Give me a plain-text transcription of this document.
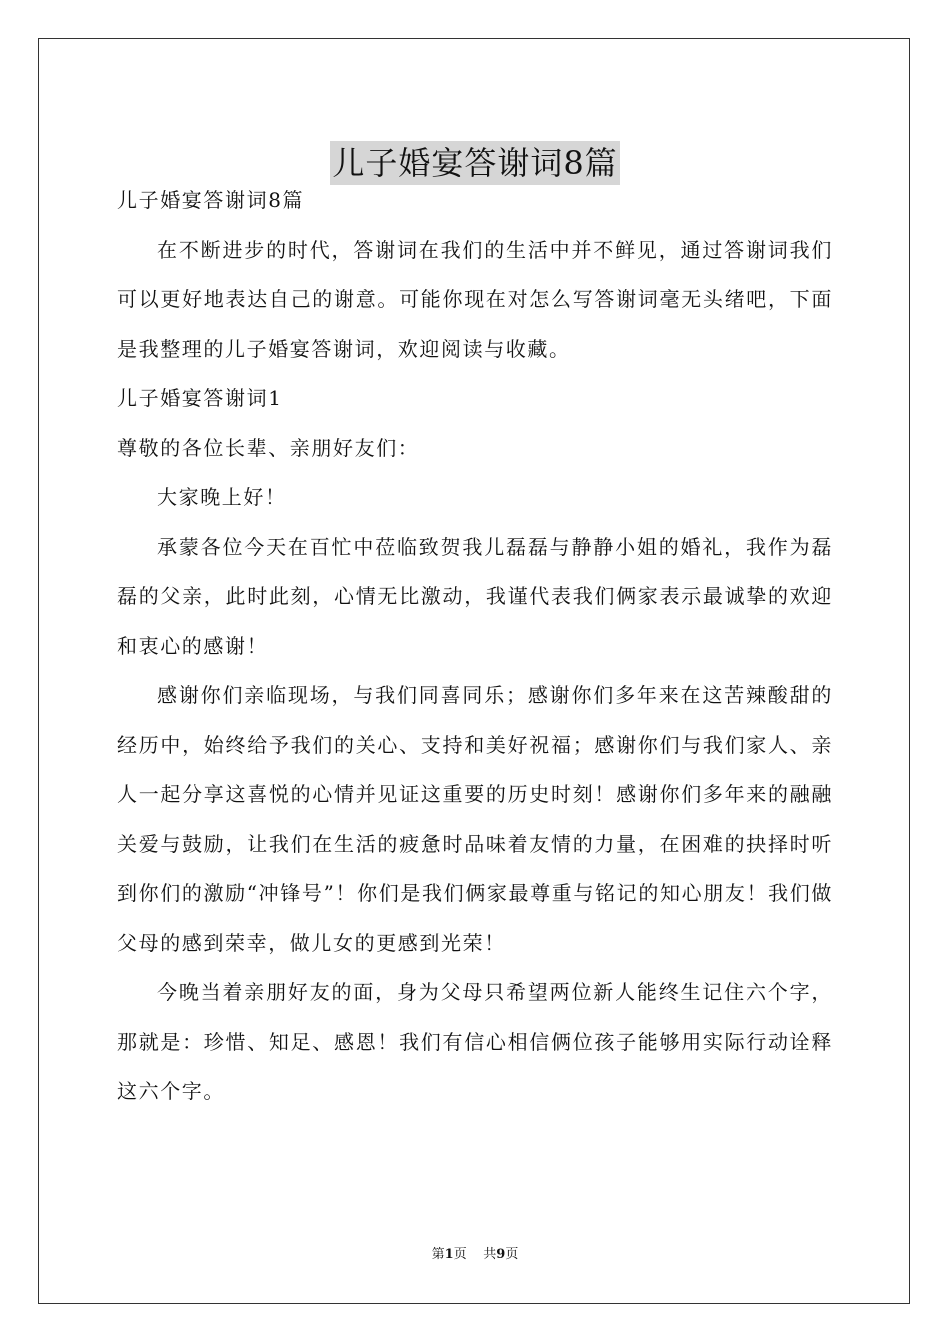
儿子婚宴答谢词8篇

儿子婚宴答谢词8篇

在不断进步的时代，答谢词在我们的生活中并不鲜见，通过答谢词我们可以更好地表达自己的谢意。可能你现在对怎么写答谢词毫无头绪吧，下面是我整理的儿子婚宴答谢词，欢迎阅读与收藏。

儿子婚宴答谢词1

尊敬的各位长辈、亲朋好友们：

大家晚上好！

承蒙各位今天在百忙中莅临致贺我儿磊磊与静静小姐的婚礼，我作为磊磊的父亲，此时此刻，心情无比激动，我谨代表我们俩家表示最诚挚的欢迎和衷心的感谢！

感谢你们亲临现场，与我们同喜同乐；感谢你们多年来在这苦辣酸甜的经历中，始终给予我们的关心、支持和美好祝福；感谢你们与我们家人、亲人一起分享这喜悦的心情并见证这重要的历史时刻！感谢你们多年来的融融关爱与鼓励，让我们在生活的疲惫时品味着友情的力量，在困难的抉择时听到你们的激励“冲锋号”！你们是我们俩家最尊重与铭记的知心朋友！我们做父母的感到荣幸，做儿女的更感到光荣！

今晚当着亲朋好友的面，身为父母只希望两位新人能终生记住六个字，那就是：珍惜、知足、感恩！我们有信心相信俩位孩子能够用实际行动诠释这六个字。

第1页 共9页
